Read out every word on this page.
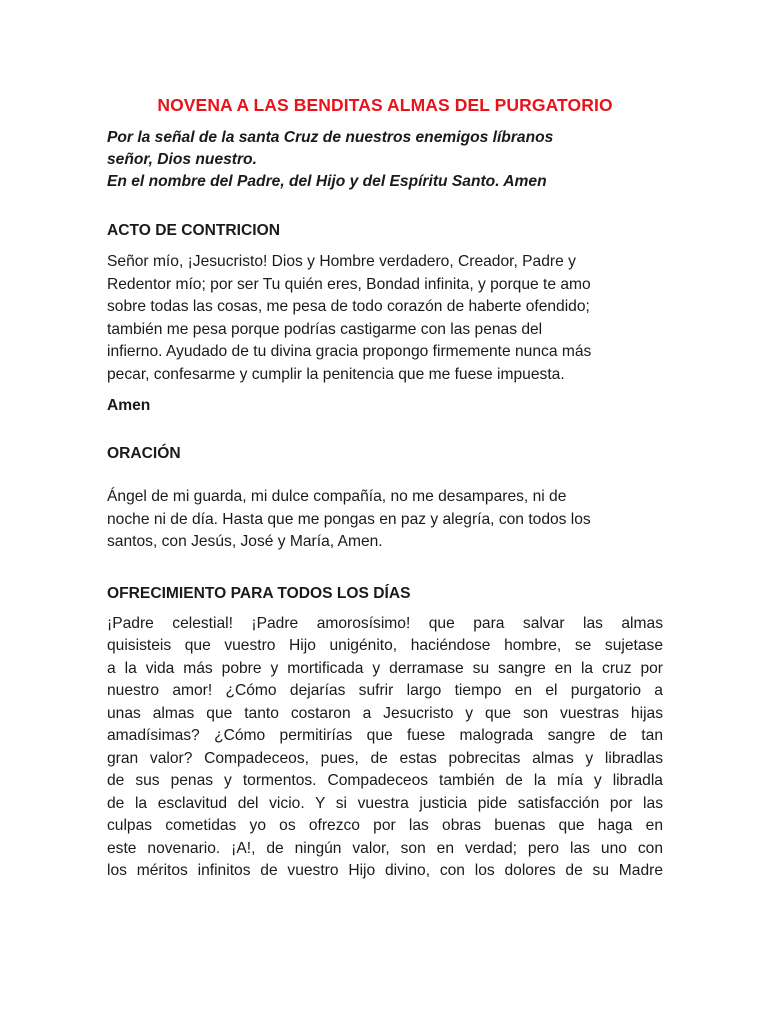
NOVENA A LAS BENDITAS ALMAS DEL PURGATORIO

Por la señal de la santa Cruz de nuestros enemigos líbranos
señor, Dios nuestro.
En el nombre del Padre, del Hijo y del Espíritu Santo. Amen

ACTO DE CONTRICION

Señor mío, ¡Jesucristo! Dios y Hombre verdadero, Creador, Padre y
Redentor mío; por ser Tu quién eres, Bondad infinita, y porque te amo
sobre todas las cosas, me pesa de todo corazón de haberte ofendido;
también me pesa porque podrías castigarme con las penas del
infierno. Ayudado de tu divina gracia propongo firmemente nunca más
pecar, confesarme y cumplir la penitencia que me fuese impuesta.

Amen

ORACIÓN

Ángel de mi guarda, mi dulce compañía, no me desampares, ni de
noche ni de día. Hasta que me pongas en paz y alegría, con todos los
santos, con Jesús, José y María, Amen.

OFRECIMIENTO PARA TODOS LOS DÍAS

¡Padre celestial! ¡Padre amorosísimo! que para salvar las almas
quisisteis que vuestro Hijo unigénito, haciéndose hombre, se sujetase
a la vida más pobre y mortificada y derramase su sangre en la cruz por
nuestro amor! ¿Cómo dejarías sufrir largo tiempo en el purgatorio a
unas almas que tanto costaron a Jesucristo y que son vuestras hijas
amadísimas? ¿Cómo permitirías que fuese malograda sangre de tan
gran valor? Compadeceos, pues, de estas pobrecitas almas y libradlas
de sus penas y tormentos. Compadeceos también de la mía y libradla
de la esclavitud del vicio. Y si vuestra justicia pide satisfacción por las
culpas cometidas yo os ofrezco por las obras buenas que haga en
este novenario. ¡A!, de ningún valor, son en verdad; pero las uno con
los méritos infinitos de vuestro Hijo divino, con los dolores de su Madre
